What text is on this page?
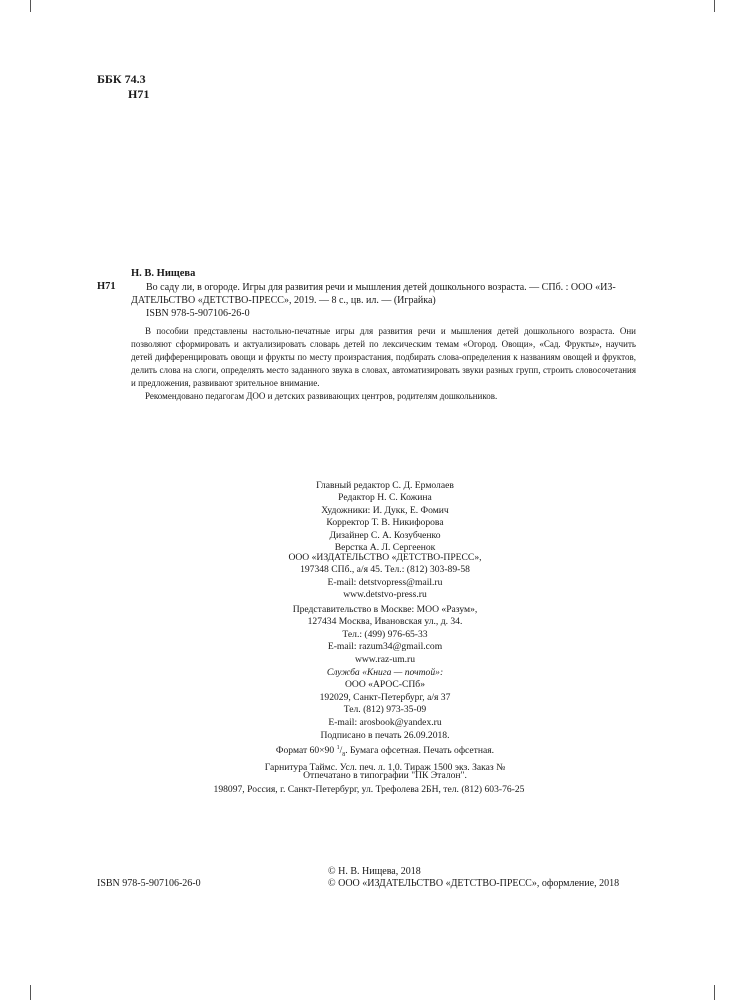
ББК 74.3
Н71
Н. В. Нищева
Н71	Во саду ли, в огороде. Игры для развития речи и мышления детей дошкольного возраста. — СПб. : ООО «ИЗ-

ДАТЕЛЬСТВО «ДЕТСТВО-ПРЕСС», 2019. — 8 с., цв. ил. — (Играйка)

ISBN 978-5-907106-26-0

В пособии представлены настольно-печатные игры для развития речи и мышления детей дошкольного возраста. Они позволяют сформировать и актуализировать словарь детей по лексическим темам «Огород. Овощи», «Сад. Фрукты», научить детей дифференцировать овощи и фрукты по месту произрастания, подбирать слова-определения к названиям овощей и фруктов, делить слова на слоги, определять место заданного звука в словах, автоматизировать звуки разных групп, строить словосочетания и предложения, развивают зрительное внимание.

Рекомендовано педагогам ДОО и детских развивающих центров, родителям дошкольников.

Главный редактор С. Д. Ермолаев
Редактор Н. С. Кожина
Художники: И. Дукк, Е. Фомич
Корректор Т. В. Никифорова
Дизайнер С. А. Козубченко
Верстка А. Л. Сергеенок
ООО «ИЗДАТЕЛЬСТВО «ДЕТСТВО-ПРЕСС»,
197348 СПб., а/я 45. Тел.: (812) 303-89-58
E-mail: detstvopress@mail.ru
www.detstvo-press.ru
Представительство в Москве: МОО «Разум»,
127434 Москва, Ивановская ул., д. 34.
Тел.: (499) 976-65-33
E-mail: razum34@gmail.com
www.raz-um.ru
Служба «Книга — почтой»:
ООО «АРОС-СПб»
192029, Санкт-Петербург, а/я 37
Тел. (812) 973-35-09
E-mail: arosbook@yandex.ru
Подписано в печать 26.09.2018.
Формат 60×90 $^1/_8$. Бумага офсетная. Печать офсетная.
Гарнитура Таймс. Усл. печ. л. 1,0. Тираж 1500 экз. Заказ №
Отпечатано в типографии "ПК Эталон".
198097, Россия, г. Санкт-Петербург, ул. Трефолева 2БН, тел. (812) 603-76-25
ISBN 978-5-907106-26-0
© Н. В. Нищева, 2018
© ООО «ИЗДАТЕЛЬСТВО «ДЕТСТВО-ПРЕСС», оформление, 2018
